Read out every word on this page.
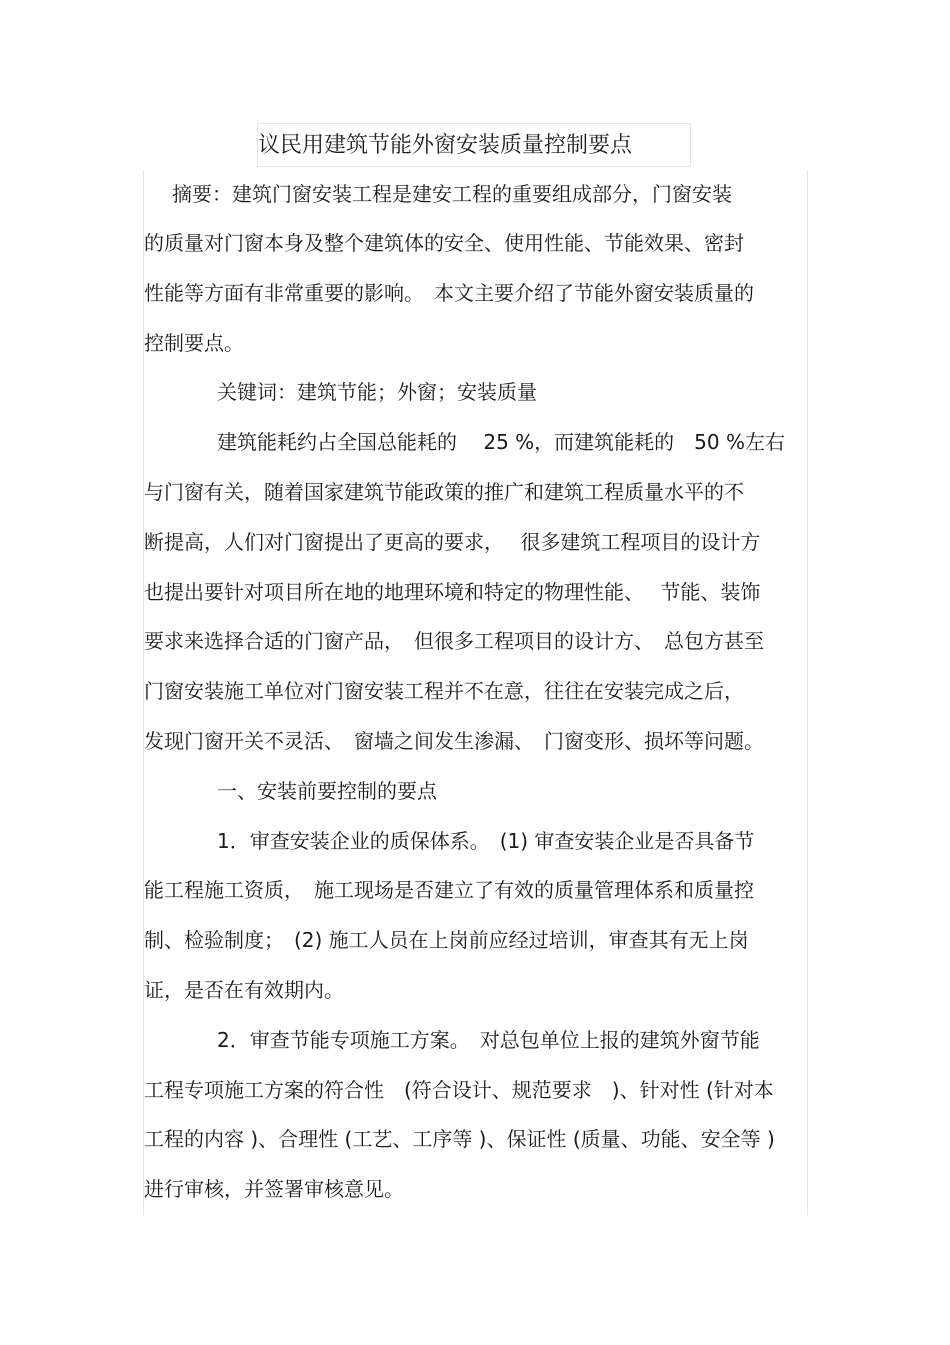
议民用建筑节能外窗安装质量控制要点
摘要：建筑门窗安装工程是建安工程的重要组成部分，门窗安装
的质量对门窗本身及整个建筑体的安全、使用性能、节能效果、密封
性能等方面有非常重要的影响。　本文主要介绍了节能外窗安装质量的
控制要点。
关键词：建筑节能；外窗；安装质量
建筑能耗约占全国总能耗的　 25 %，而建筑能耗的　50 %左右
与门窗有关，随着国家建筑节能政策的推广和建筑工程质量水平的不
断提高，人们对门窗提出了更高的要求，　 很多建筑工程项目的设计方
也提出要针对项目所在地的地理环境和特定的物理性能、　 节能、装饰
要求来选择合适的门窗产品，　但很多工程项目的设计方、　总包方甚至
门窗安装施工单位对门窗安装工程并不在意，往往在安装完成之后，
发现门窗开关不灵活、　窗墙之间发生渗漏、　门窗变形、损坏等问题。
一、安装前要控制的要点
1．审查安装企业的质保体系。　(1) 审查安装企业是否具备节
能工程施工资质，　施工现场是否建立了有效的质量管理体系和质量控
制、检验制度；　(2) 施工人员在上岗前应经过培训，审查其有无上岗
证，是否在有效期内。
2．审查节能专项施工方案。　对总包单位上报的建筑外窗节能
工程专项施工方案的符合性　(符合设计、规范要求　)、针对性 (针对本
工程的内容 )、合理性 (工艺、工序等 )、保证性 (质量、功能、安全等 )
进行审核，并签署审核意见。
